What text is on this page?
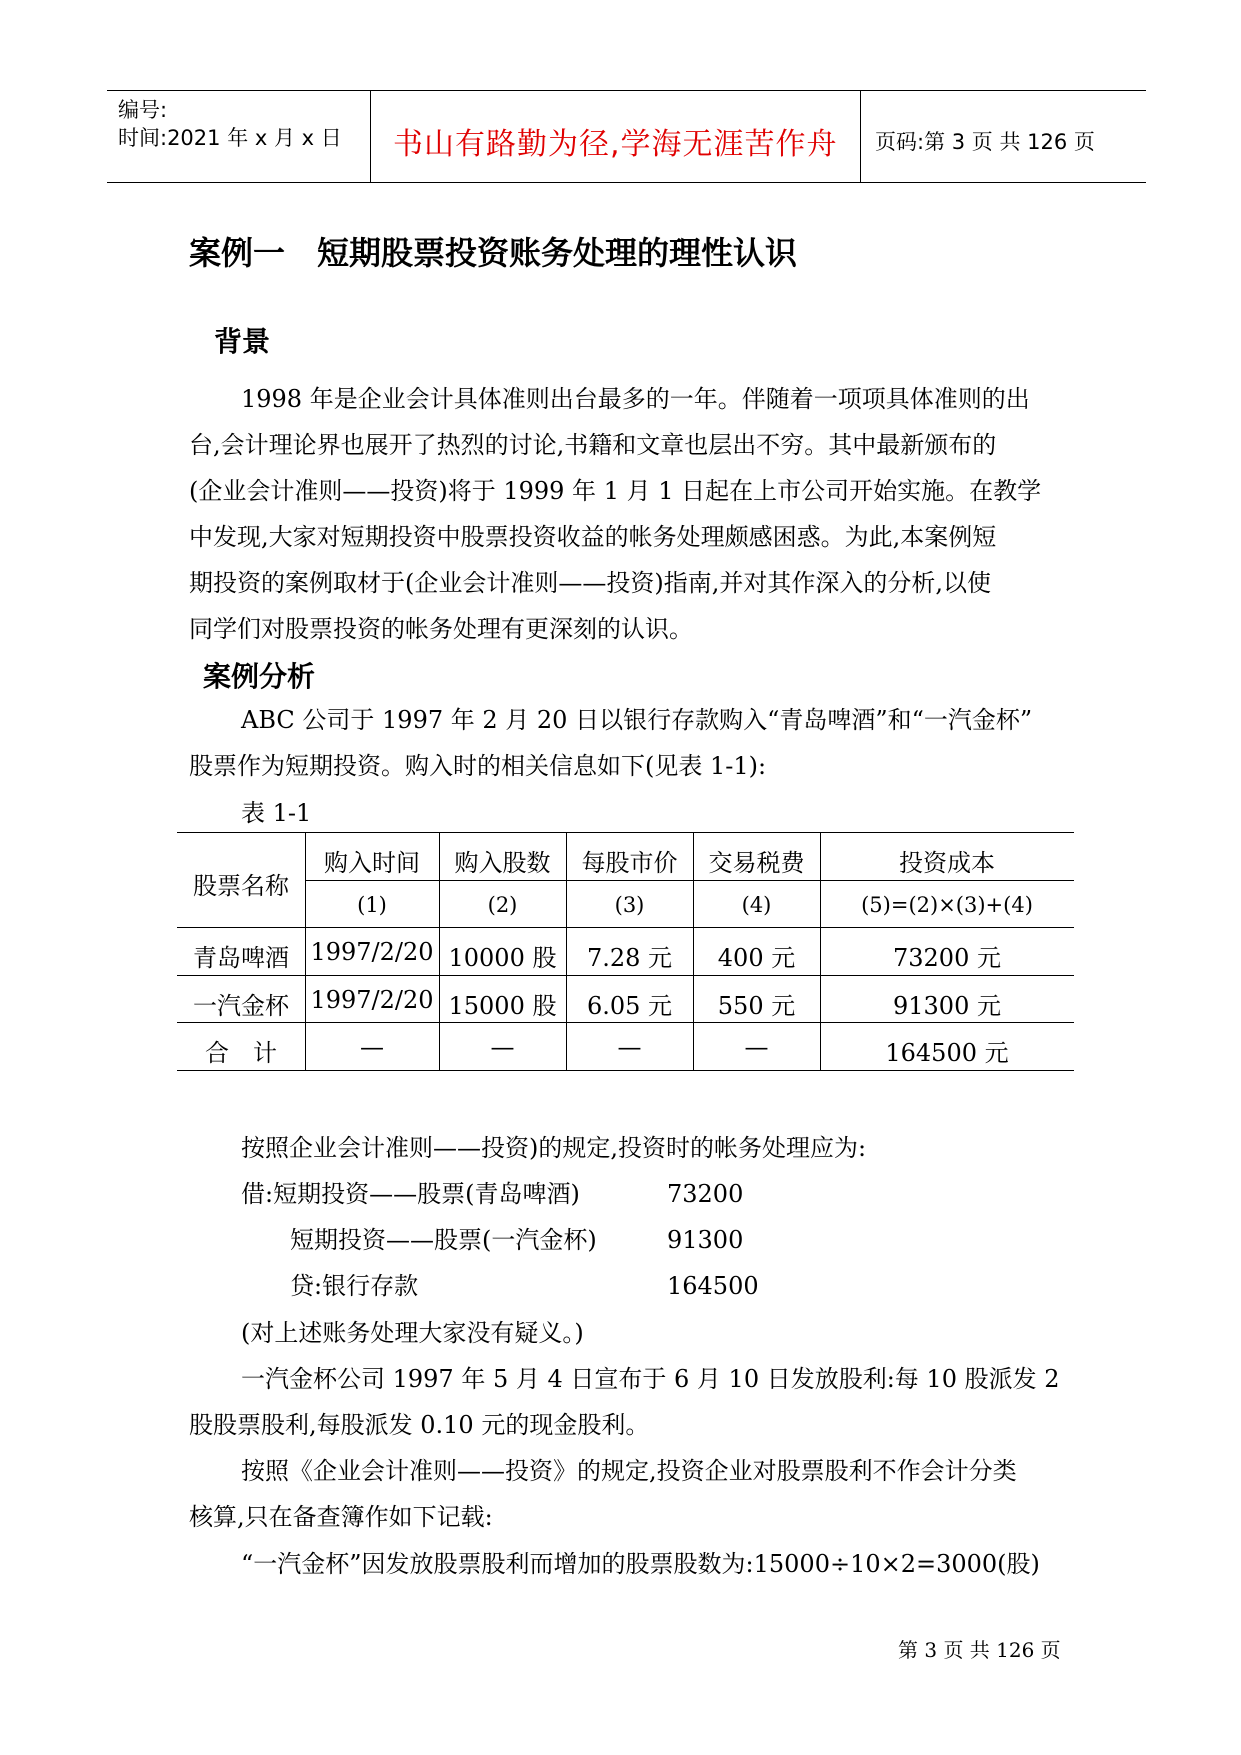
编号:
时间:2021 年 x 月 x 日 书山有路勤为径,学海无涯苦作舟 页码:第 3 页 共 126 页
案例一　短期股票投资账务处理的理性认识
背景
1998 年是企业会计具体准则出台最多的一年。伴随着一项项具体准则的出
台,会计理论界也展开了热烈的讨论,书籍和文章也层出不穷。其中最新颁布的
(企业会计准则——投资)将于 1999 年 1 月 1 日起在上市公司开始实施。在教学
中发现,大家对短期投资中股票投资收益的帐务处理颇感困惑。为此,本案例短
期投资的案例取材于(企业会计准则——投资)指南,并对其作深入的分析,以使
同学们对股票投资的帐务处理有更深刻的认识。
案例分析
ABC 公司于 1997 年 2 月 20 日以银行存款购入“青岛啤酒”和“一汽金杯”
股票作为短期投资。购入时的相关信息如下(见表 1-1):
表 1-1
股票名称
购入时间	购入股数	每股市价	交易税费	投资成本
(1)	(2)	(3)	(4)	(5)=(2)×(3)+(4)
青岛啤酒 1997/2/20 10000 股	7.28 元	400 元	73200 元
一汽金杯 1997/2/20 15000 股	6.05 元	550 元	91300 元
合　计	—	—	—	—	164500 元
按照企业会计准则——投资)的规定,投资时的帐务处理应为:
借:短期投资——股票(青岛啤酒)	73200
短期投资——股票(一汽金杯)	91300
贷:银行存款	164500
(对上述账务处理大家没有疑义。)
一汽金杯公司 1997 年 5 月 4 日宣布于 6 月 10 日发放股利:每 10 股派发 2
股股票股利,每股派发 0.10 元的现金股利。
按照《企业会计准则——投资》的规定,投资企业对股票股利不作会计分类
核算,只在备查簿作如下记载:
“一汽金杯”因发放股票股利而增加的股票股数为:15000÷10×2=3000(股)
第 3 页 共 126 页
